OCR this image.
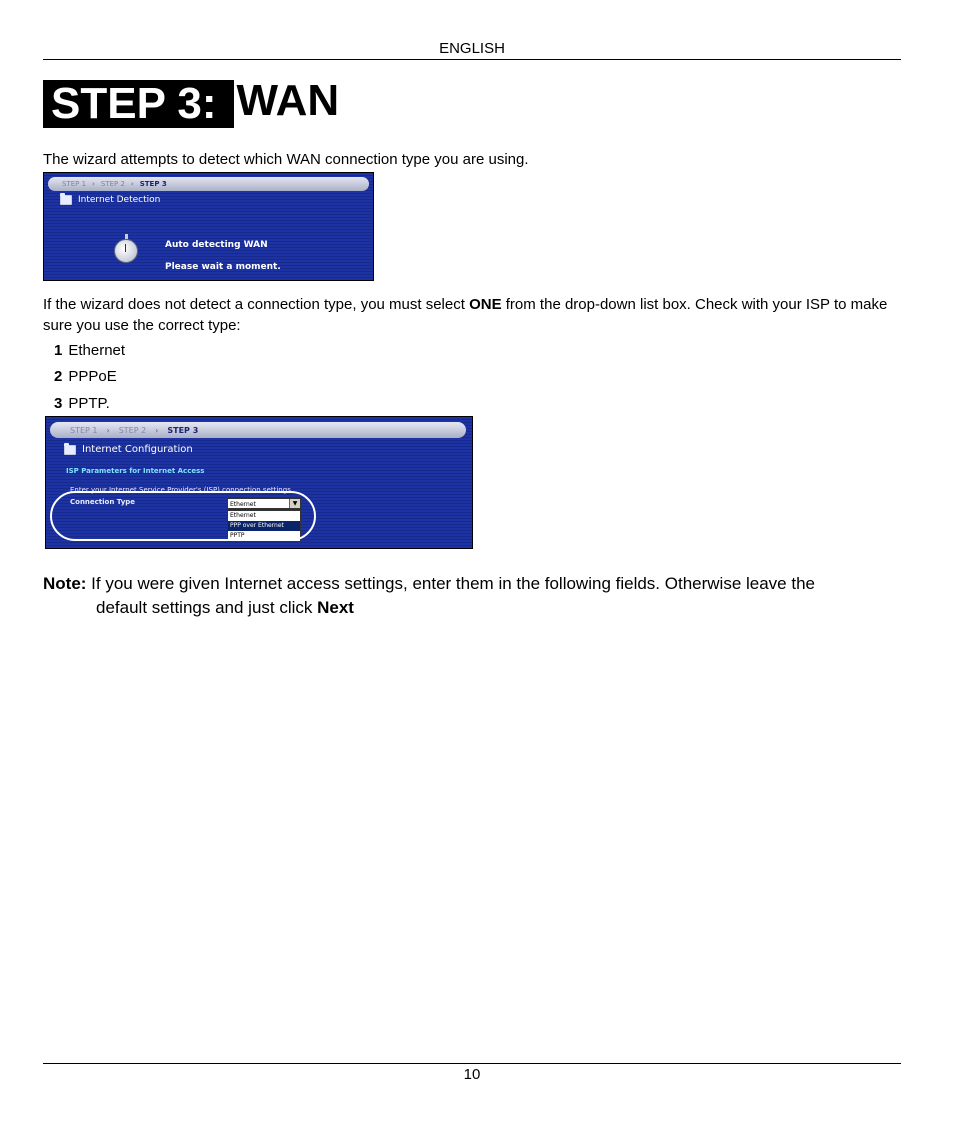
ENGLISH
STEP 3: WAN
The wizard attempts to detect which WAN connection type you are using.
STEP 1 › STEP 2 › STEP 3
Internet Detection
Auto detecting WAN
Please wait a moment.
If the wizard does not detect a connection type, you must select ONE from the drop-down list box. Check with your ISP to make sure you use the correct type:
1 Ethernet
2 PPPoE
3 PPTP.
STEP 1 › STEP 2 › STEP 3
Internet Configuration
ISP Parameters for Internet Access
Enter your Internet Service Provider's (ISP) connection settings
Connection Type	Ethernet	▼
Ethernet
PPP over Ethernet
PPTP
Note: If you were given Internet access settings, enter them in the following fields. Otherwise leave the
default settings and just click Next
10
